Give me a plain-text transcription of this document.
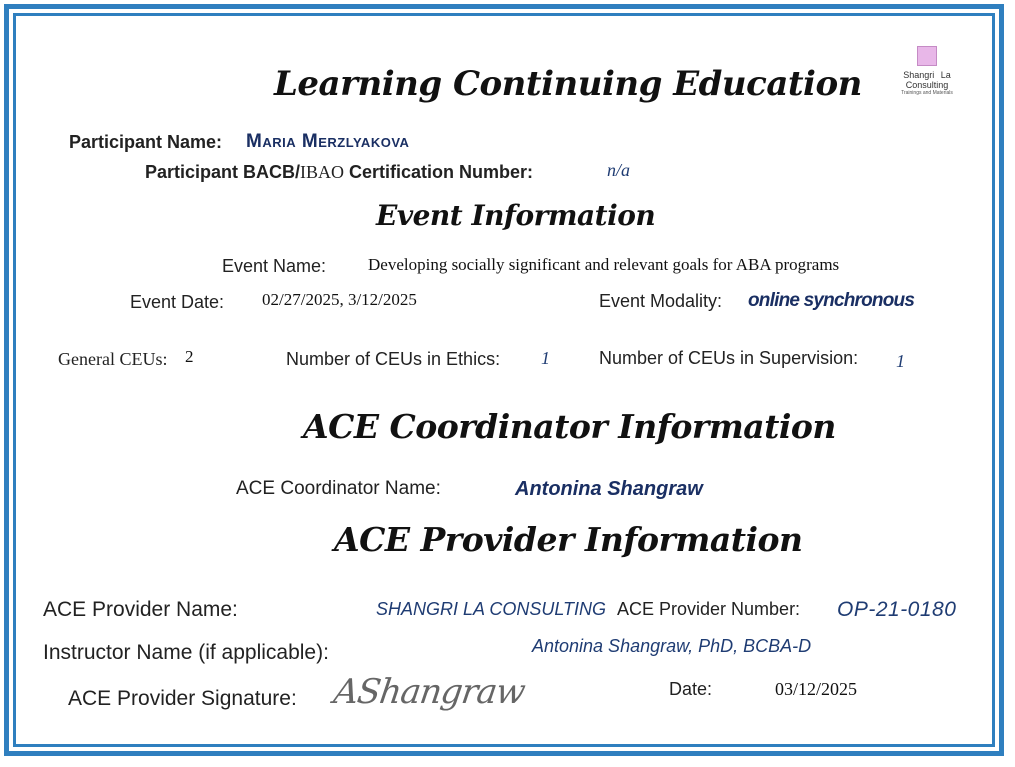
Shangri La Consulting
Trainings and Materials
Learning Continuing Education
Participant Name: Maria Merzlyakova
Participant BACB/IBAO Certification Number:	n/a
Event Information
Event Name: Developing socially significant and relevant goals for ABA programs
Event Date: 02/27/2025, 3/12/2025	Event Modality: online synchronous
General CEUs: 2	Number of CEUs in Ethics: 1	Number of CEUs in Supervision: 1
ACE Coordinator Information
ACE Coordinator Name:	Antonina Shangraw
ACE Provider Information
ACE Provider Name:	SHANGRI LA CONSULTING ACE Provider Number: OP-21-0180
Instructor Name (if applicable):	Antonina Shangraw, PhD, BCBA-D
ACE Provider Signature: AShangraw	Date:	03/12/2025
